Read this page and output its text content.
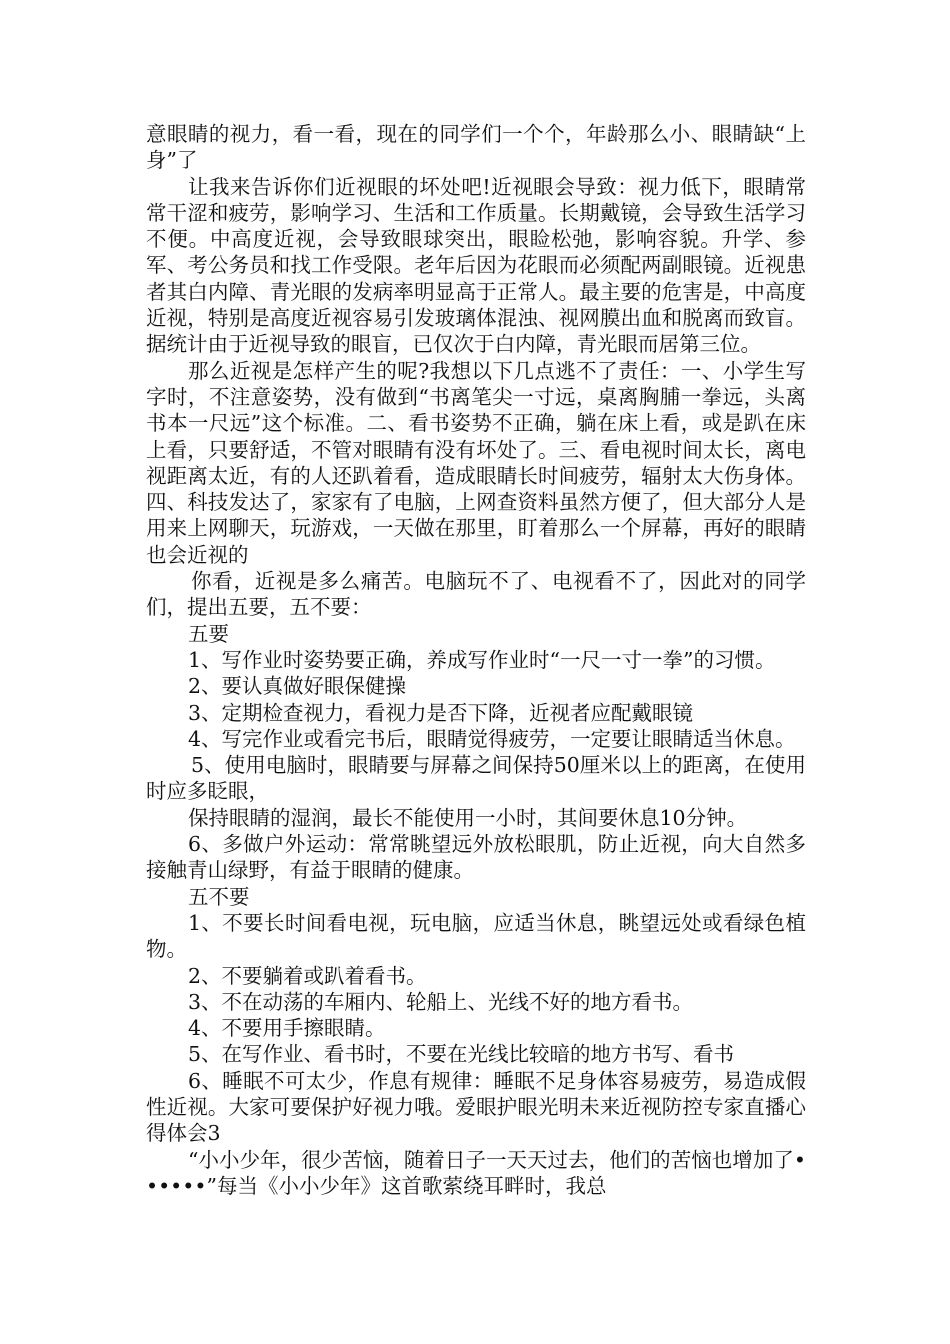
意眼睛的视力，看一看，现在的同学们一个个，年龄那么小、眼睛缺“上身”了

让我来告诉你们近视眼的坏处吧!近视眼会导致：视力低下，眼睛常常干涩和疲劳，影响学习、生活和工作质量。长期戴镜，会导致生活学习不便。中高度近视，会导致眼球突出，眼睑松弛，影响容貌。升学、参军、考公务员和找工作受限。老年后因为花眼而必须配两副眼镜。近视患者其白内障、青光眼的发病率明显高于正常人。最主要的危害是，中高度近视，特别是高度近视容易引发玻璃体混浊、视网膜出血和脱离而致盲。据统计由于近视导致的眼盲，已仅次于白内障，青光眼而居第三位。

那么近视是怎样产生的呢?我想以下几点逃不了责任：一、小学生写字时，不注意姿势，没有做到“书离笔尖一寸远，桌离胸脯一拳远，头离书本一尺远”这个标准。二、看书姿势不正确，躺在床上看，或是趴在床上看，只要舒适，不管对眼睛有没有坏处了。三、看电视时间太长，离电视距离太近，有的人还趴着看，造成眼睛长时间疲劳，辐射太大伤身体。四、科技发达了，家家有了电脑，上网查资料虽然方便了，但大部分人是用来上网聊天，玩游戏，一天做在那里，盯着那么一个屏幕，再好的眼睛也会近视的

你看，近视是多么痛苦。电脑玩不了、电视看不了，因此对的同学们，提出五要，五不要：

五要

1、写作业时姿势要正确，养成写作业时“一尺一寸一拳”的习惯。

2、要认真做好眼保健操

3、定期检查视力，看视力是否下降，近视者应配戴眼镜

4、写完作业或看完书后，眼睛觉得疲劳，一定要让眼睛适当休息。

5、使用电脑时，眼睛要与屏幕之间保持50厘米以上的距离，在使用时应多眨眼，

保持眼睛的湿润，最长不能使用一小时，其间要休息10分钟。

6、多做户外运动：常常眺望远外放松眼肌，防止近视，向大自然多接触青山绿野，有益于眼睛的健康。

五不要

1、不要长时间看电视，玩电脑，应适当休息，眺望远处或看绿色植物。

2、不要躺着或趴着看书。

3、不在动荡的车厢内、轮船上、光线不好的地方看书。

4、不要用手擦眼睛。

5、在写作业、看书时，不要在光线比较暗的地方书写、看书

6、睡眠不可太少，作息有规律：睡眠不足身体容易疲劳，易造成假性近视。大家可要保护好视力哦。爱眼护眼光明未来近视防控专家直播心得体会3

“小小少年，很少苦恼，随着日子一天天过去，他们的苦恼也增加了••••••”每当《小小少年》这首歌萦绕耳畔时，我总
